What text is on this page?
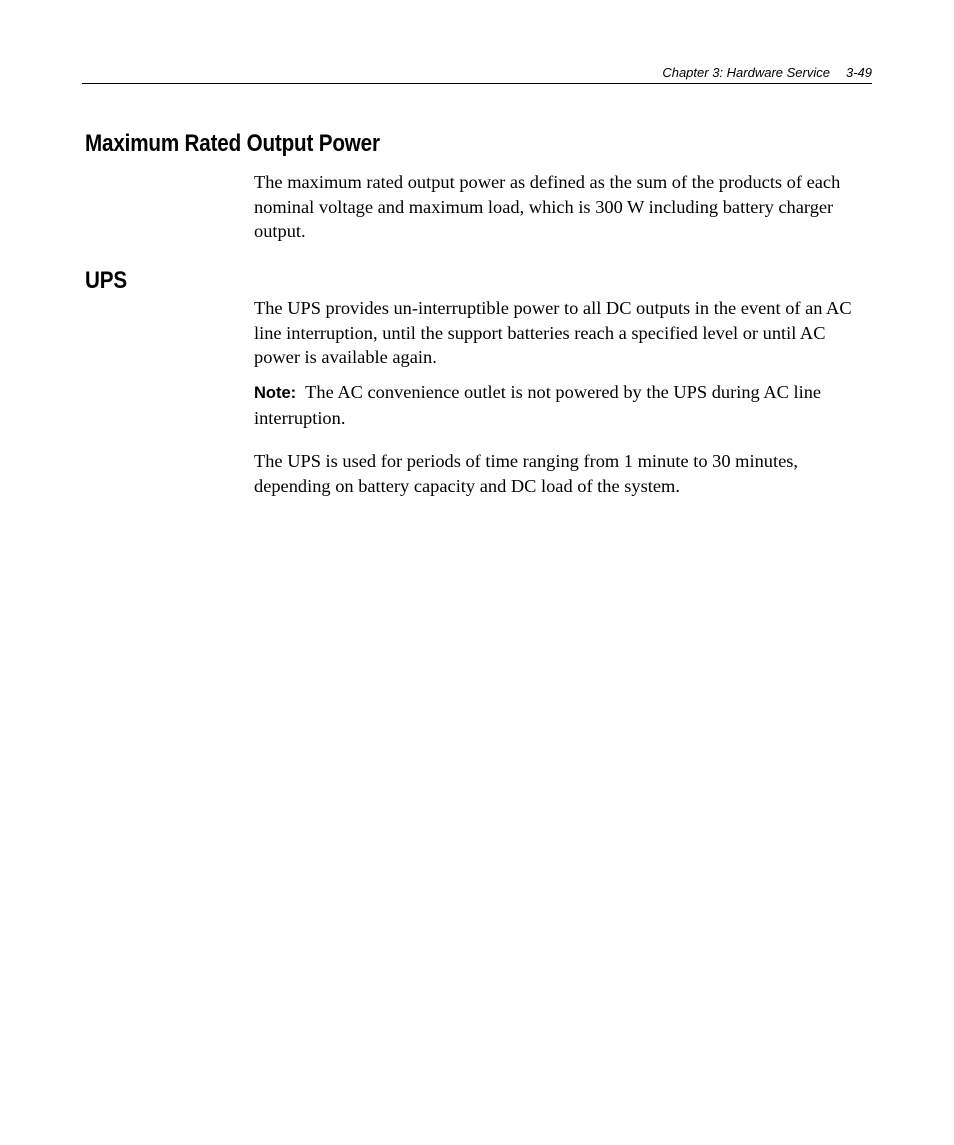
Chapter 3: Hardware Service 3-49
Maximum Rated Output Power

The maximum rated output power as defined as the sum of the products of each nominal voltage and maximum load, which is 300 W including battery charger output.

UPS

The UPS provides un-interruptible power to all DC outputs in the event of an AC line interruption, until the support batteries reach a specified level or until AC power is available again.

Note: The AC convenience outlet is not powered by the UPS during AC line interruption.

The UPS is used for periods of time ranging from 1 minute to 30 minutes, depending on battery capacity and DC load of the system.
